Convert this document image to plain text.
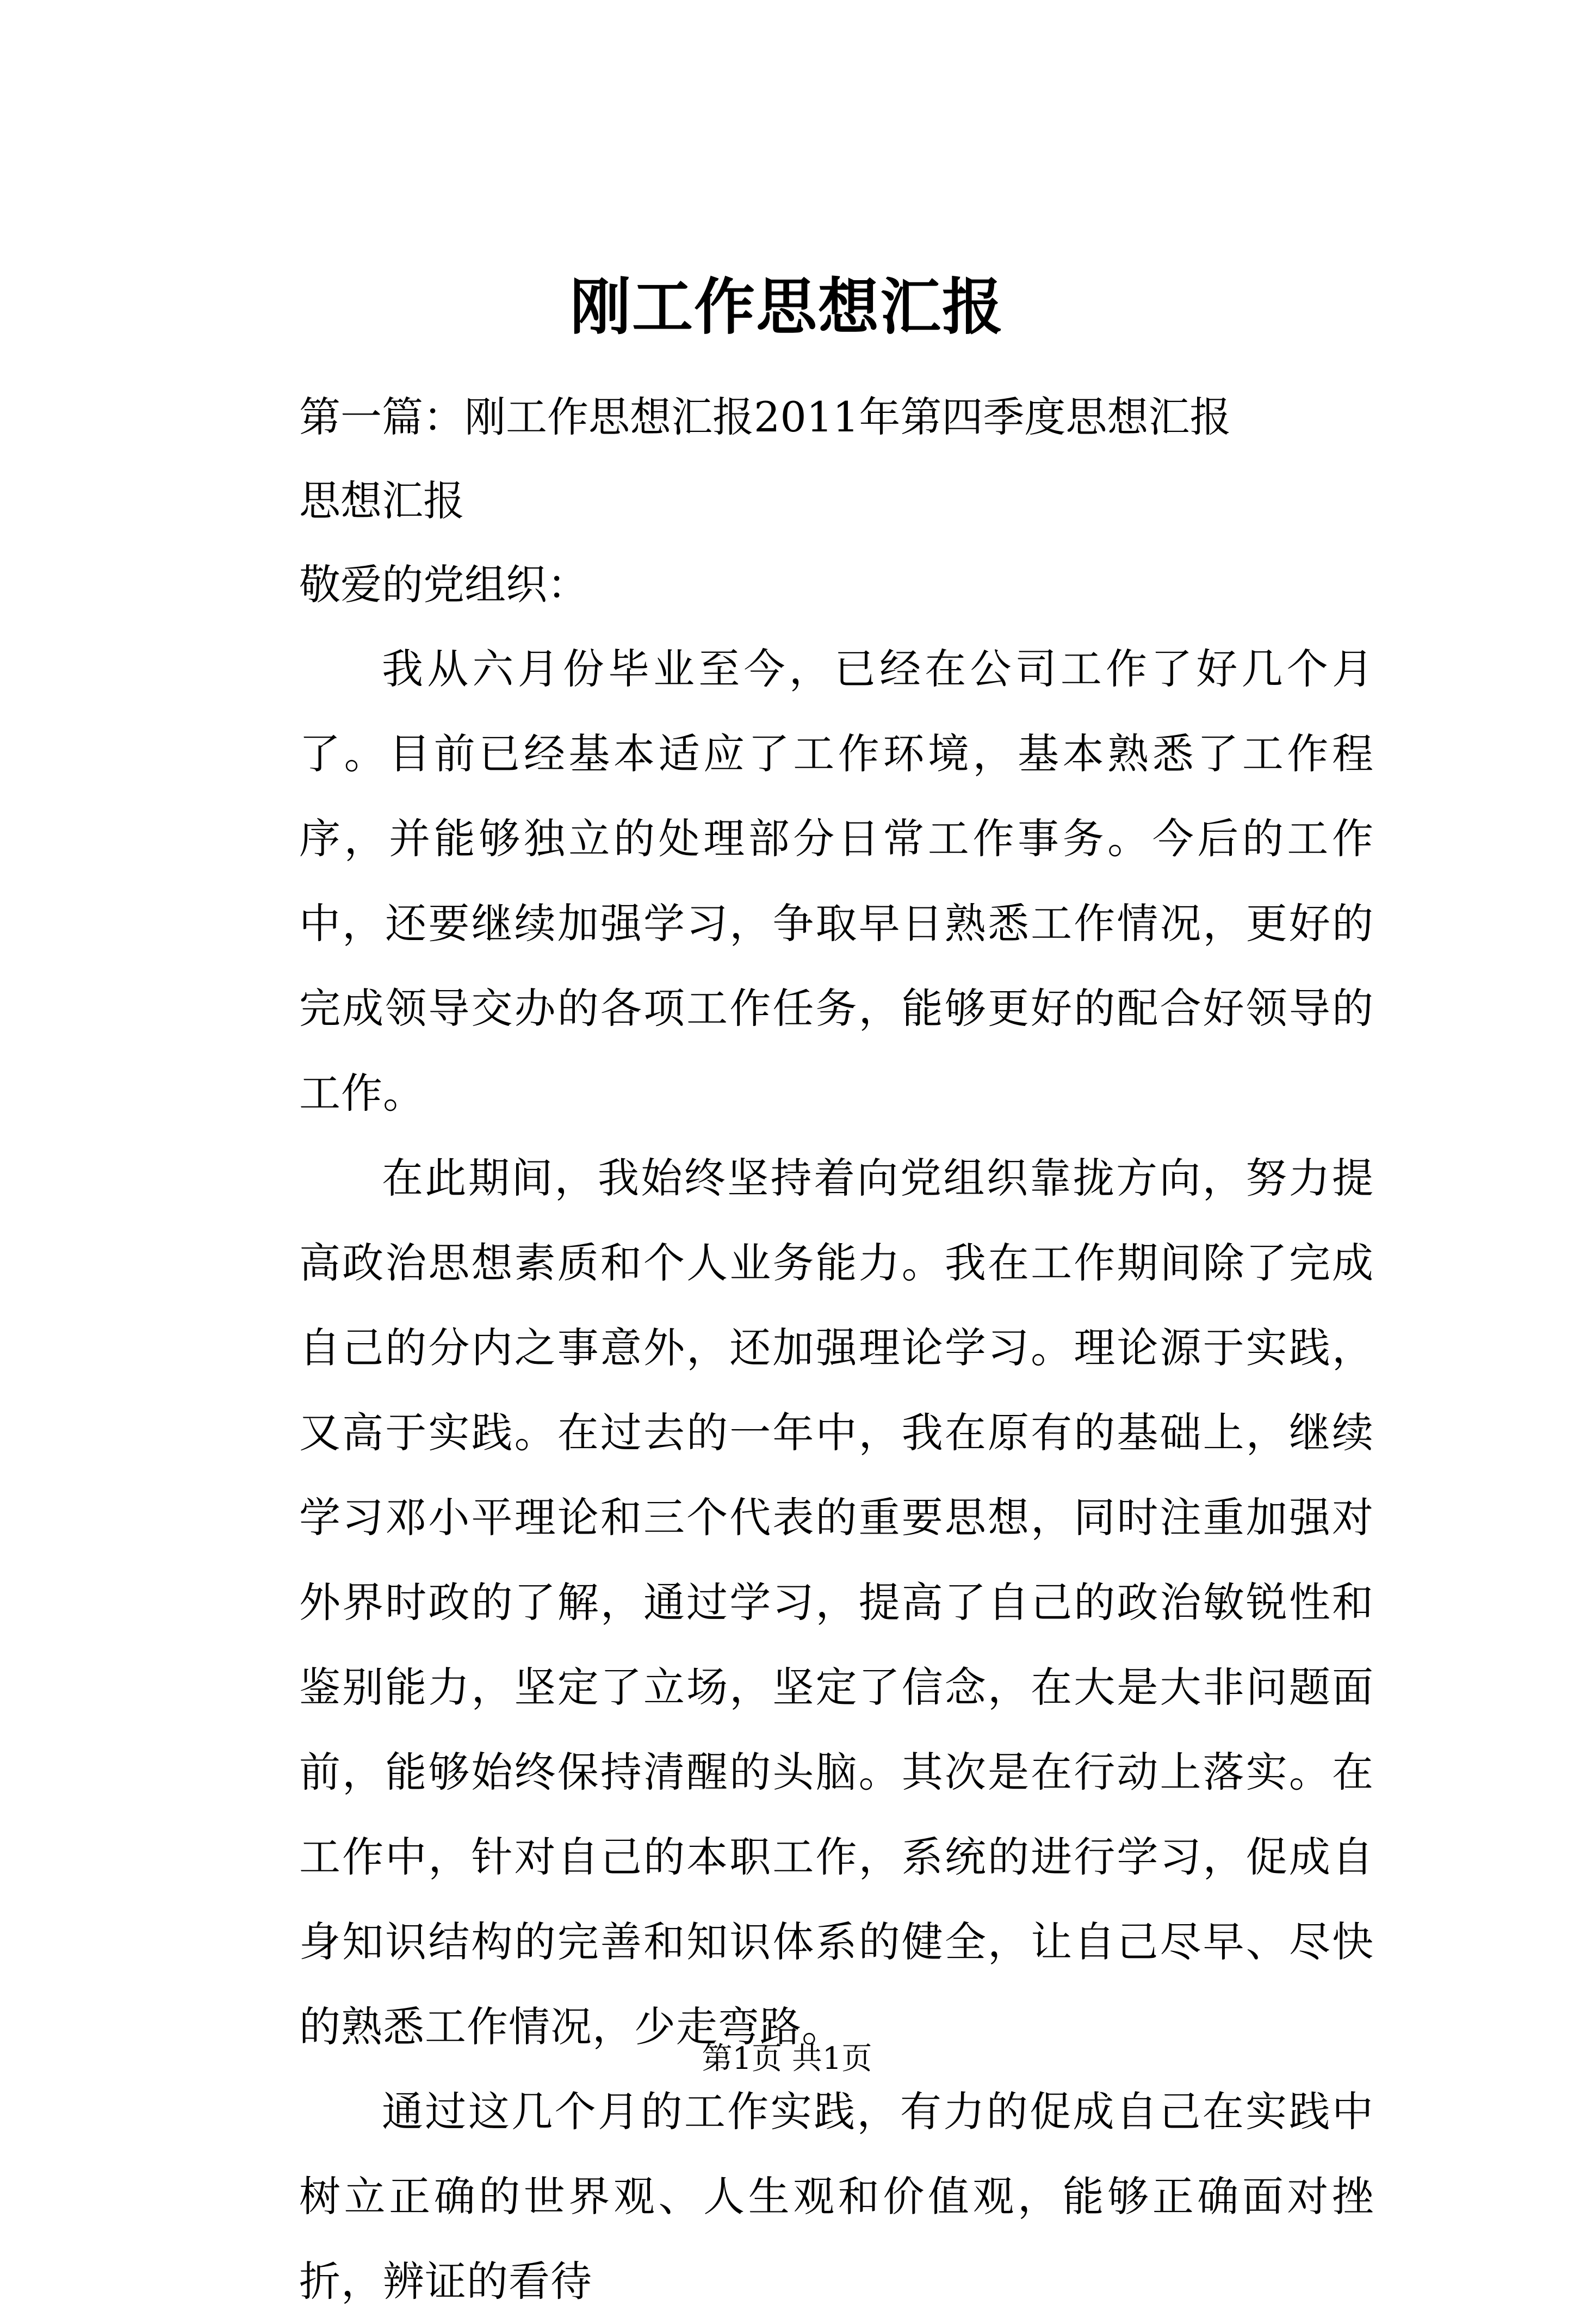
刚工作思想汇报

第一篇：刚工作思想汇报2011年第四季度思想汇报

思想汇报

敬爱的党组织：

我从六月份毕业至今，已经在公司工作了好几个月了。目前已经基本适应了工作环境，基本熟悉了工作程序，并能够独立的处理部分日常工作事务。今后的工作中，还要继续加强学习，争取早日熟悉工作情况，更好的完成领导交办的各项工作任务，能够更好的配合好领导的工作。

在此期间，我始终坚持着向党组织靠拢方向，努力提高政治思想素质和个人业务能力。我在工作期间除了完成自己的分内之事意外，还加强理论学习。理论源于实践，又高于实践。在过去的一年中，我在原有的基础上，继续学习邓小平理论和三个代表的重要思想，同时注重加强对外界时政的了解，通过学习，提高了自己的政治敏锐性和鉴别能力，坚定了立场，坚定了信念，在大是大非问题面前，能够始终保持清醒的头脑。其次是在行动上落实。在工作中，针对自己的本职工作，系统的进行学习，促成自身知识结构的完善和知识体系的健全，让自己尽早、尽快的熟悉工作情况，少走弯路。

通过这几个月的工作实践，有力的促成自己在实践中树立正确的世界观、人生观和价值观，能够正确面对挫折，辨证的看待

第1页 共1页
